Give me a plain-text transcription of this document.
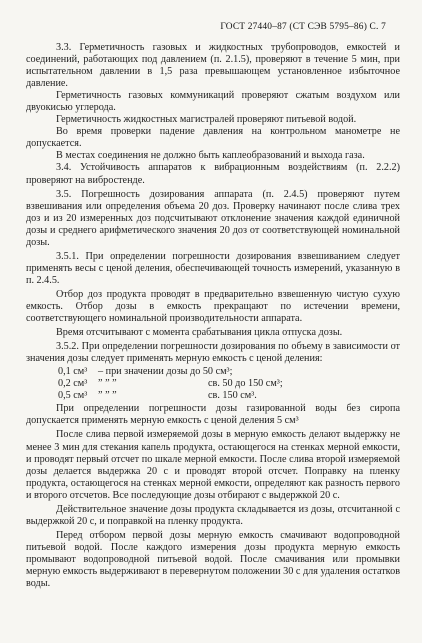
ГОСТ 27440–87 (СТ СЭВ 5795–86) С. 7

3.3. Герметичность газовых и жидкостных трубопроводов, емкостей и соединений, работающих под давлением (п. 2.1.5), проверяют в течение 5 мин, при испытательном давлении в 1,5 раза превышающем установленное избыточное давление.

Герметичность газовых коммуникаций проверяют сжатым воздухом или двуокисью углерода.

Герметичность жидкостных магистралей проверяют питьевой водой.

Во время проверки падение давления на контрольном манометре не допускается.

В местах соединения не должно быть каплеобразований и выхода газа.

3.4. Устойчивость аппаратов к вибрационным воздействиям (п. 2.2.2) проверяют на вибростенде.

3.5. Погрешность дозирования аппарата (п. 2.4.5) проверяют путем взвешивания или определения объема 20 доз. Проверку начинают после слива трех доз и из 20 измеренных доз подсчитывают отклонение значения каждой единичной дозы и среднего арифметического значения 20 доз от соответствующей номинальной дозы.

3.5.1. При определении погрешности дозирования взвешиванием следует применять весы с ценой деления, обеспечивающей точность измерений, указанную в п. 2.4.5.

Отбор доз продукта проводят в предварительно взвешенную чистую сухую емкость. Отбор дозы в емкость прекращают по истечении времени, соответствующего номинальной производительности аппарата.

Время отсчитывают с момента срабатывания цикла отпуска дозы.

3.5.2. При определении погрешности дозирования по объему в зависимости от значения дозы следует применять мерную емкость с ценой деления:

0,1 см³	– при значении дозы до 50 см³;
0,2 см³	” ” ”	св. 50 до 150 см³;
0,5 см³	” ” ”	св. 150 см³.

При определении погрешности дозы газированной воды без сиропа допускается применять мерную емкость с ценой деления 5 см³

После слива первой измеряемой дозы в мерную емкость делают выдержку не менее 3 мин для стекания капель продукта, остающегося на стенках мерной емкости, и проводят первый отсчет по шкале мерной емкости. После слива второй измеряемой дозы делается выдержка 20 с и проводят второй отсчет. Поправку на пленку продукта, остающегося на стенках мерной емкости, определяют как разность первого и второго отсчетов. Все последующие дозы отбирают с выдержкой 20 с.

Действительное значение дозы продукта складывается из дозы, отсчитанной с выдержкой 20 с, и поправкой на пленку продукта.

Перед отбором первой дозы мерную емкость смачивают водопроводной питьевой водой. После каждого измерения дозы продукта мерную емкость промывают водопроводной питьевой водой. После смачивания или промывки мерную емкость выдерживают в перевернутом положении 30 с для удаления остатков воды.
